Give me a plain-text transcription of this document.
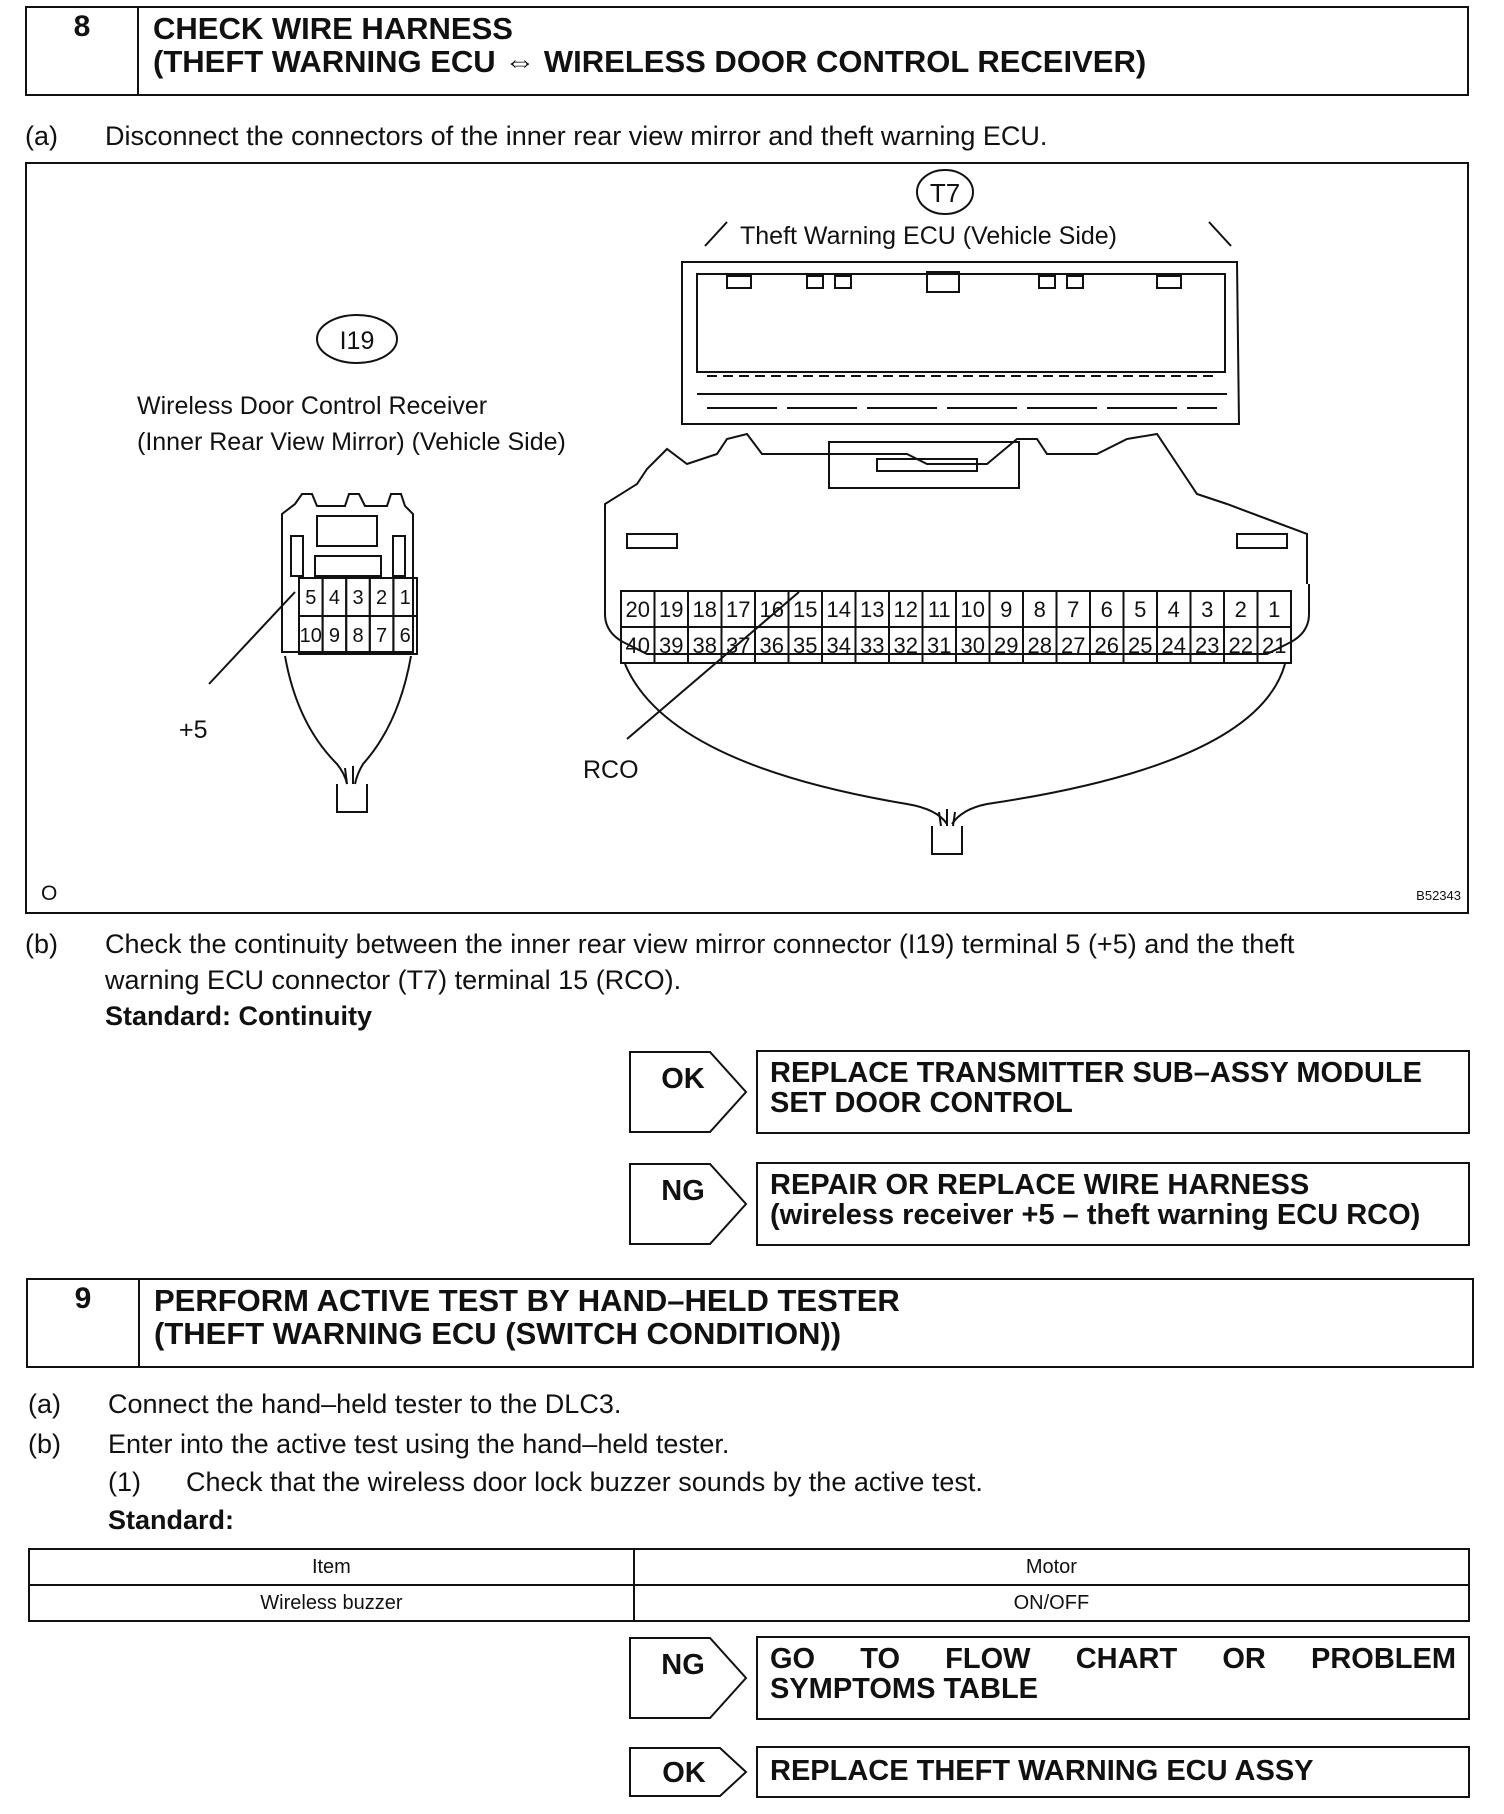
8	CHECK WIRE HARNESS
(THEFT WARNING ECU ⇔ WIRELESS DOOR CONTROL RECEIVER)
(a) Disconnect the connectors of the inner rear view mirror and theft warning ECU.
T7
Theft Warning ECU (Vehicle Side)
20 19 18 17 16 15 14 13 12 11 10 9 8 7 6 5 4 3 2 1
40 39 38 37 36 35 34 33 32 31 30 29 28 27 26 25 24 23 22 21
I19
Wireless Door Control Receiver
(Inner Rear View Mirror) (Vehicle Side)
5 4 3 2 1
10 9 8 7 6
+5
RCO
O	B52343
(b)	Check the continuity between the inner rear view mirror connector (I19) terminal 5 (+5) and the theft
warning ECU connector (T7) terminal 15 (RCO).
Standard: Continuity
OK REPLACE TRANSMITTER SUB–ASSY MODULE
SET DOOR CONTROL
NG REPAIR OR REPLACE WIRE HARNESS
(wireless receiver +5 – theft warning ECU RCO)
9	PERFORM ACTIVE TEST BY HAND–HELD TESTER
(THEFT WARNING ECU (SWITCH CONDITION))
(a) Connect the hand–held tester to the DLC3.
(b) Enter into the active test using the hand–held tester.
(1) Check that the wireless door lock buzzer sounds by the active test.
Standard:
Item	Motor
Wireless buzzer	ON/OFF
NG GO TO FLOW CHART OR PROBLEM
SYMPTOMS TABLE
OK REPLACE THEFT WARNING ECU ASSY
